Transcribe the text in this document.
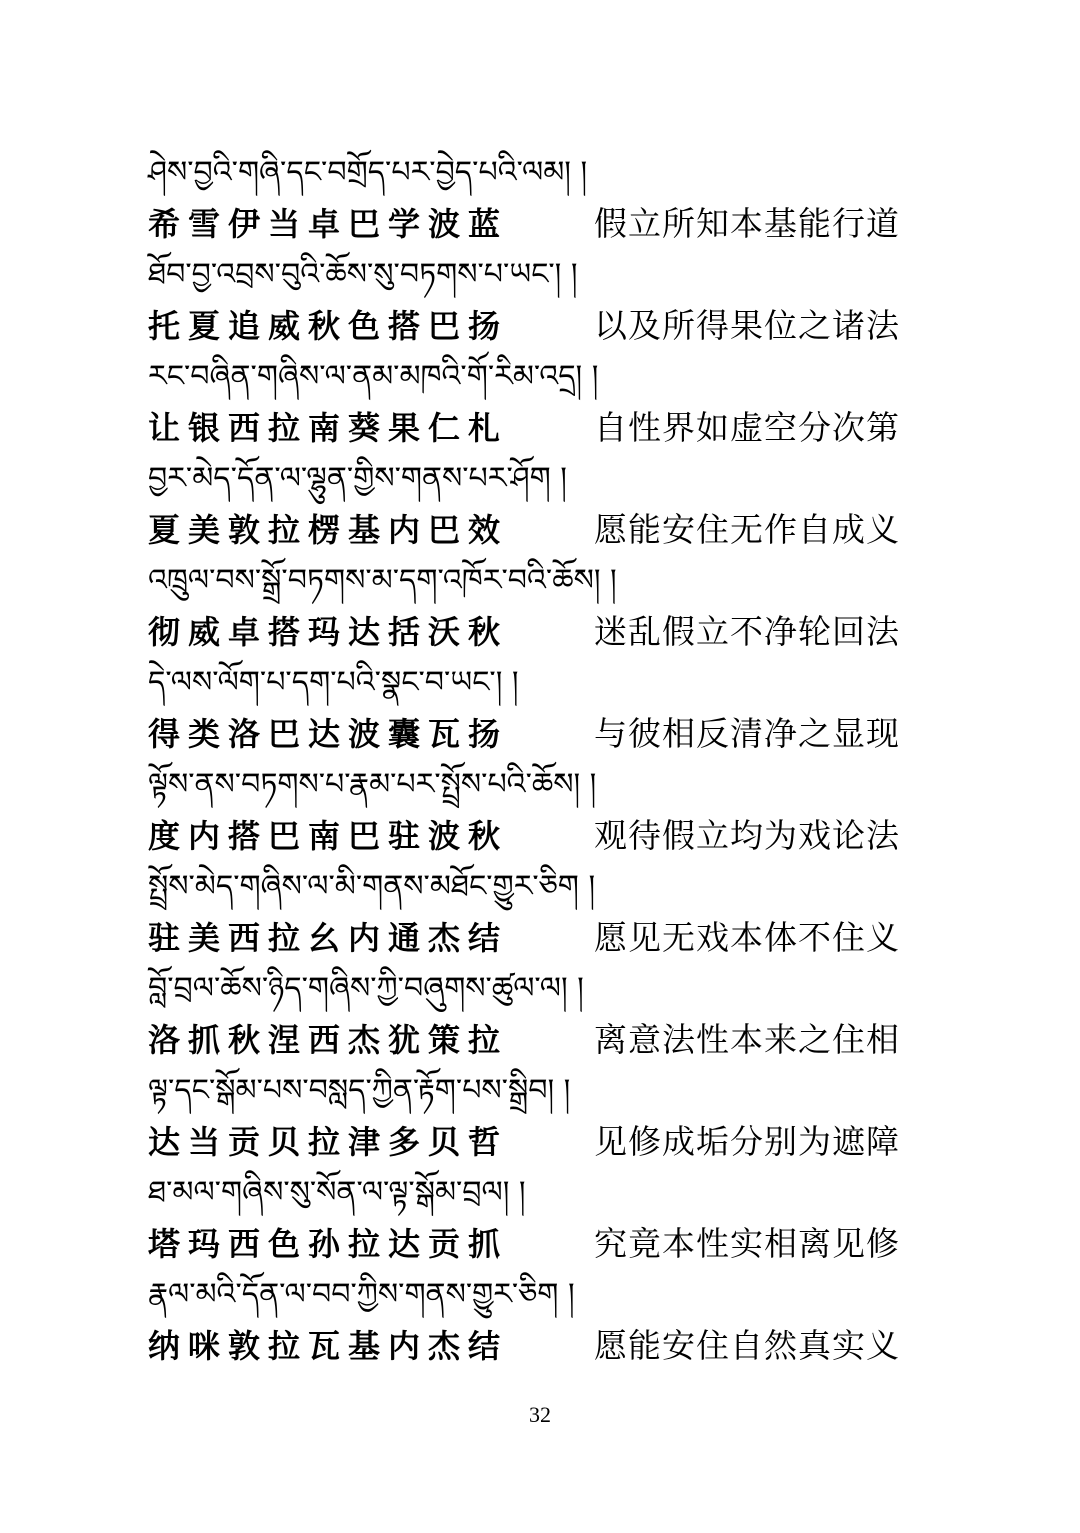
ཤེས་བྱའི་གཞི་དང་བགྲོད་པར་བྱེད་པའི་ལམ། །
希雪伊当卓巴学波蓝	假立所知本基能行道
ཐོབ་བྱ་འབྲས་བུའི་ཆོས་སུ་བཏགས་པ་ཡང་། །
托夏追威秋色搭巴扬	以及所得果位之诸法
རང་བཞིན་གཞིས་ལ་ནམ་མཁའི་གོ་རིམ་འདྲ། །
让银西拉南葵果仁札	自性界如虚空分次第
བྱར་མེད་དོན་ལ་ལྷུན་གྱིས་གནས་པར་ཤོག །
夏美敦拉楞基内巴效	愿能安住无作自成义
འཁྲུལ་བས་སྒྲོ་བཏགས་མ་དག་འཁོར་བའི་ཆོས། །
彻威卓搭玛达括沃秋	迷乱假立不净轮回法
དེ་ལས་ལོག་པ་དག་པའི་སྣང་བ་ཡང་། །
得类洛巴达波囊瓦扬	与彼相反清净之显现
ལྟོས་ནས་བཏགས་པ་རྣམ་པར་སྤྲོས་པའི་ཆོས། །
度内搭巴南巴驻波秋	观待假立均为戏论法
སྤྲོས་མེད་གཞིས་ལ་མི་གནས་མཐོང་གྱུར་ཅིག །
驻美西拉幺内通杰结	愿见无戏本体不住义
བློ་བྲལ་ཆོས་ཉིད་གཞིས་ཀྱི་བཞུགས་ཚུལ་ལ། །
洛抓秋涅西杰犹策拉	离意法性本来之住相
ལྟ་དང་སྒོམ་པས་བསླད་ཀྱིན་རྟོག་པས་སྒྲིབ། །
达当贡贝拉津多贝哲	见修成垢分别为遮障
ཐ་མལ་གཞིས་སུ་སོན་ལ་ལྟ་སྒོམ་བྲལ། །
塔玛西色孙拉达贡抓	究竟本性实相离见修
རྣལ་མའི་དོན་ལ་བབ་ཀྱིས་གནས་གྱུར་ཅིག །
纳咪敦拉瓦基内杰结	愿能安住自然真实义
32
